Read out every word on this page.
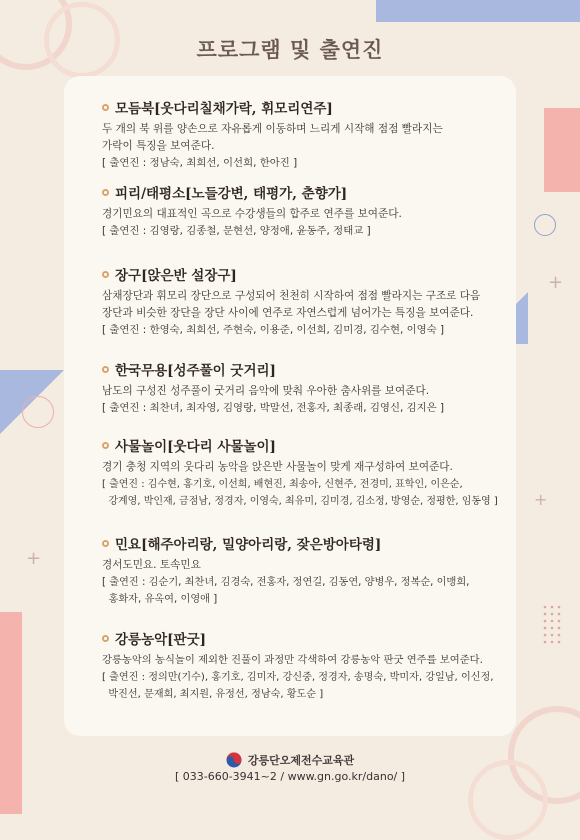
+
+
+
프로그램 및 출연진
모듬북[웃다리칠채가락, 휘모리연주]
두 개의 북 위를 양손으로 자유롭게 이동하며 느리게 시작해 점점 빨라지는
가락이 특징을 보여준다.
[ 출연진 : 정남숙, 최희선, 이선희, 한아진 ]
피리/태평소[노들강변, 태평가, 춘향가]
경기민요의 대표적인 곡으로 수강생들의 합주로 연주를 보여준다.
[ 출연진 : 김영랑, 김종철, 문현선, 양정애, 윤동주, 정태교 ]
장구[앉은반 설장구]
삼채장단과 휘모리 장단으로 구성되어 천천히 시작하여 점점 빨라지는 구조로 다음
장단과 비슷한 장단을 장단 사이에 연주로 자연스럽게 넘어가는 특징을 보여준다.
[ 출연진 : 한영숙, 최희선, 주현숙, 이용준, 이선희, 김미경, 김수현, 이영숙 ]
한국무용[성주풀이 굿거리]
남도의 구성진 성주풀이 굿거리 음악에 맞춰 우아한 춤사위를 보여준다.
[ 출연진 : 최찬녀, 최자영, 김영랑, 박말선, 전홍자, 최종래, 김영신, 김지은 ]
사물놀이[웃다리 사물놀이]
경기 충청 지역의 웃다리 농악을 앉은반 사물놀이 맞게 재구성하여 보여준다.
[ 출연진 : 김수현, 홍기호, 이선희, 배현진, 최송아, 신현주, 전경미, 표학인, 이은순,
강계영, 박인재, 금점남, 정경자, 이영숙, 최유미, 김미경, 김소정, 방영순, 정평한, 임동영 ]
민요[해주아리랑, 밀양아리랑, 잦은방아타령]
경서도민요. 토속민요
[ 출연진 : 김순기, 최찬녀, 김경숙, 전홍자, 정연길, 김동연, 양병우, 정복순, 이맹희,
홍화자, 유옥여, 이영애 ]
강릉농악[판굿]
강릉농악의 농식놀이 제외한 진풀이 과정만 각색하여 강릉농악 판굿 연주를 보여준다.
[ 출연진 : 정의만(기수), 홍기호, 김미자, 강신중, 정경자, 송명숙, 박미자, 강일남, 이신정,
박진선, 문재희, 최지원, 유정선, 정남숙, 황도순 ]
강릉단오제전수교육관
[ 033-660-3941~2 / www.gn.go.kr/dano/ ]
